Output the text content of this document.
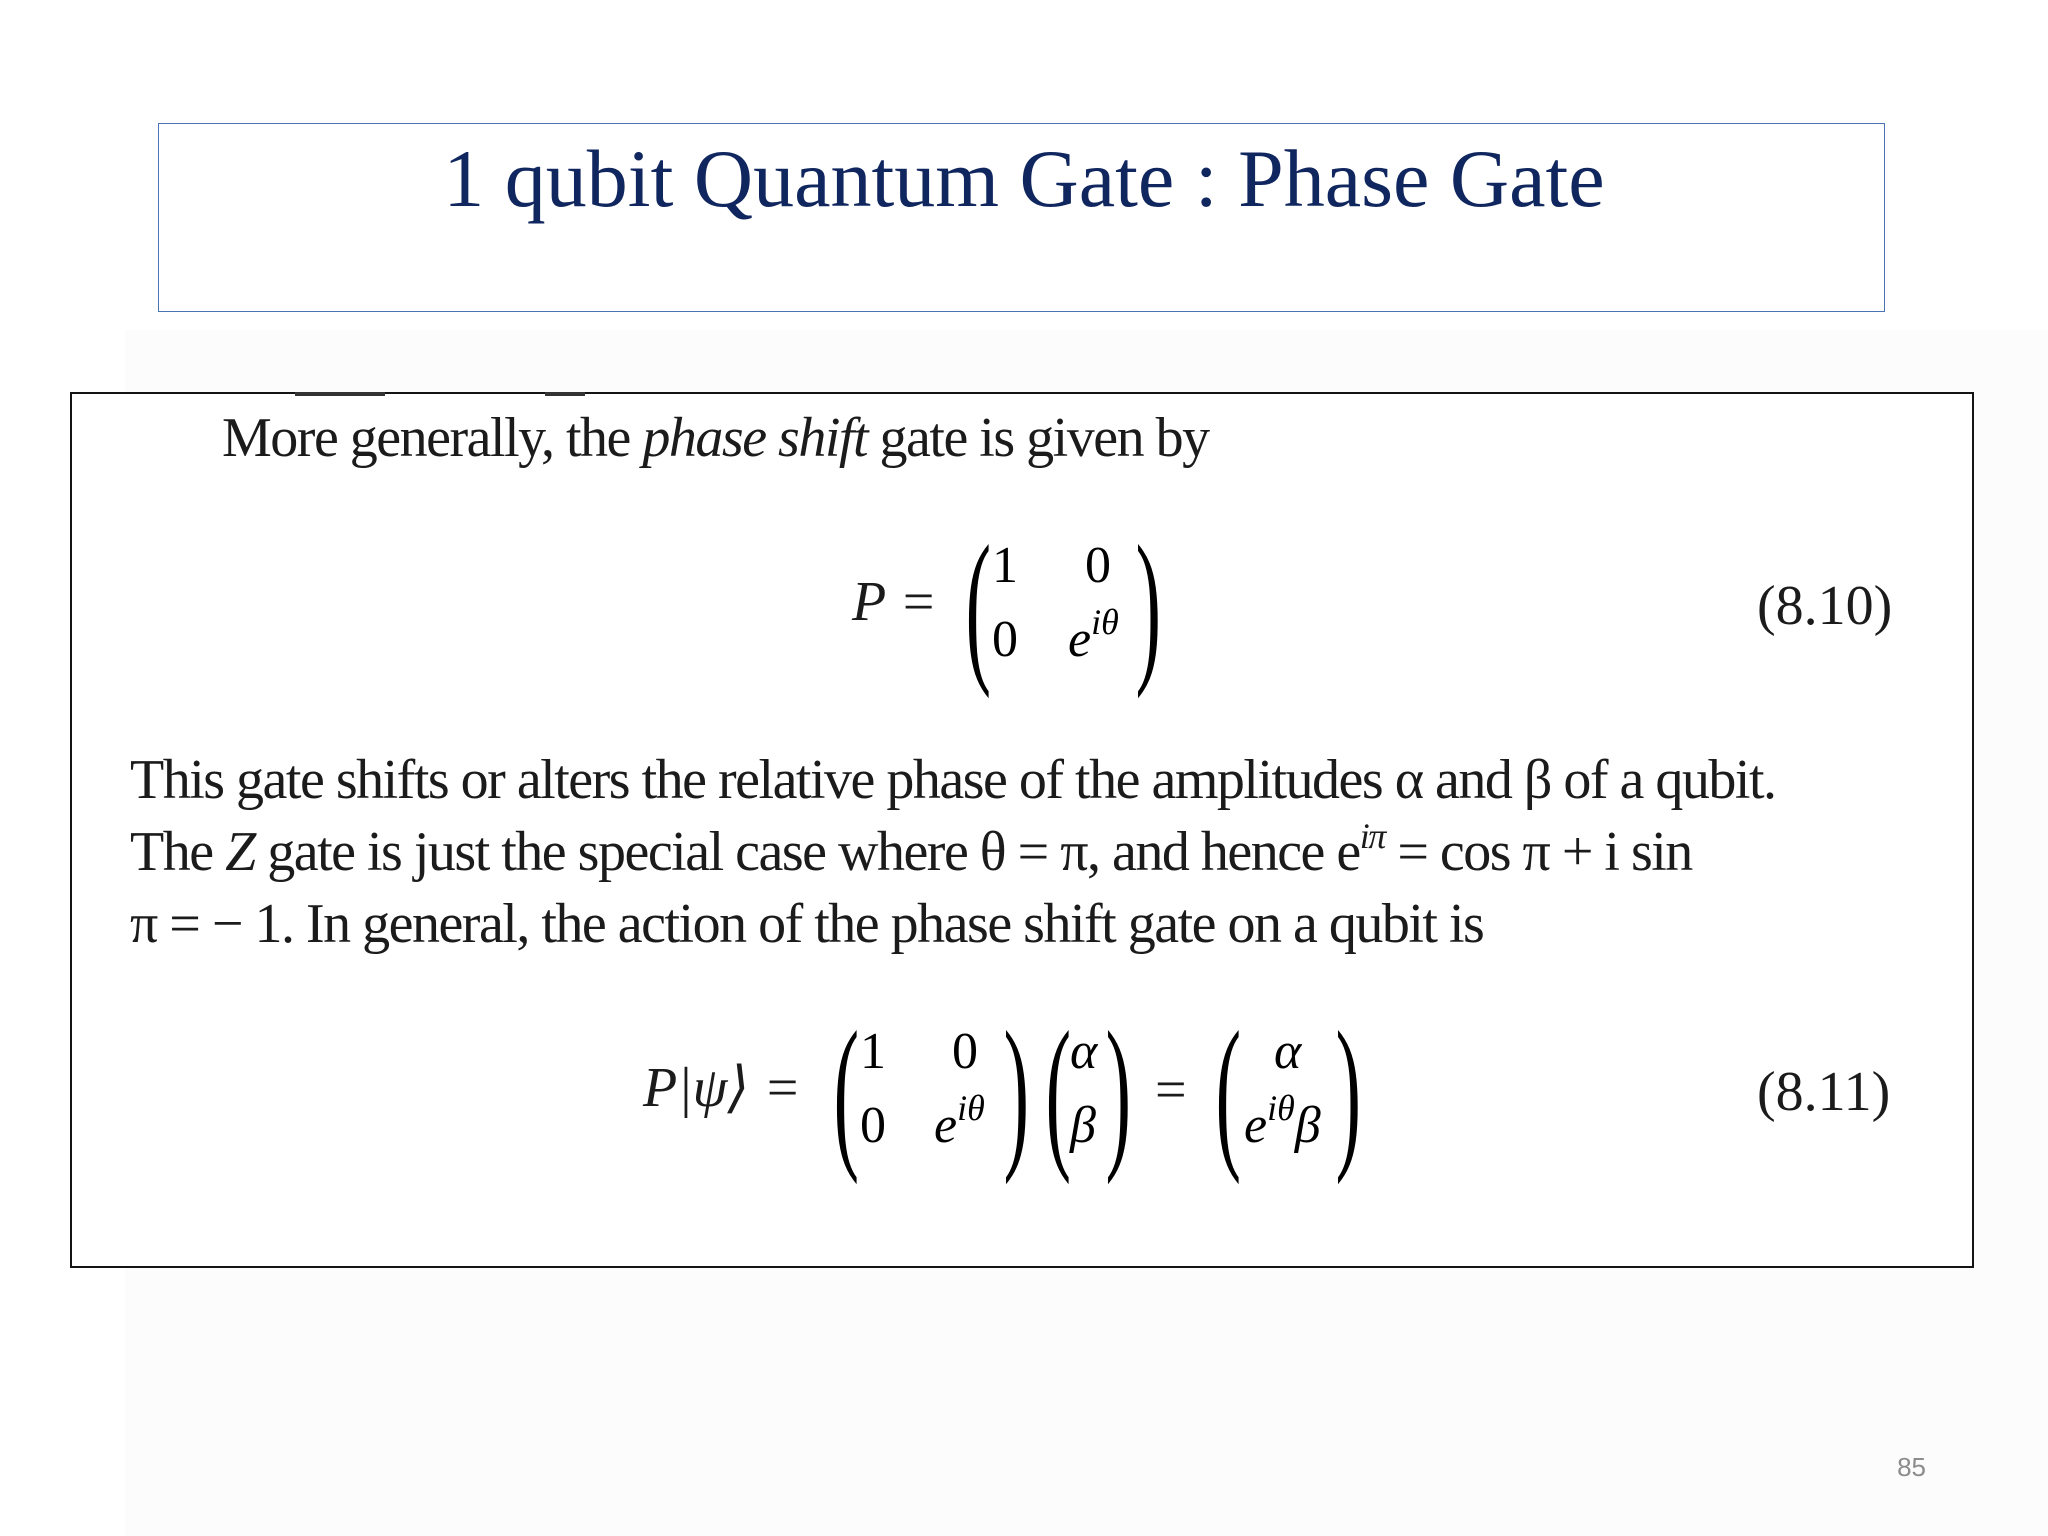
1 qubit Quantum Gate : Phase Gate
More generally, the phase shift gate is given by
P = ( 1 0
0 $e^{i\theta}$ )	(8.10)
This gate shifts or alters the relative phase of the amplitudes α and β of a qubit.
The Z gate is just the special case where θ = π, and hence $e^{i\pi} = \cos \pi + i$ sin
π = − 1. In general, the action of the phase shift gate on a qubit is
P|ψ⟩ = ( 1 0
0 $e^{i\theta}$ ) (
α
β ) = ( α
$e^{i\theta}\beta$ )	(8.11)
85
